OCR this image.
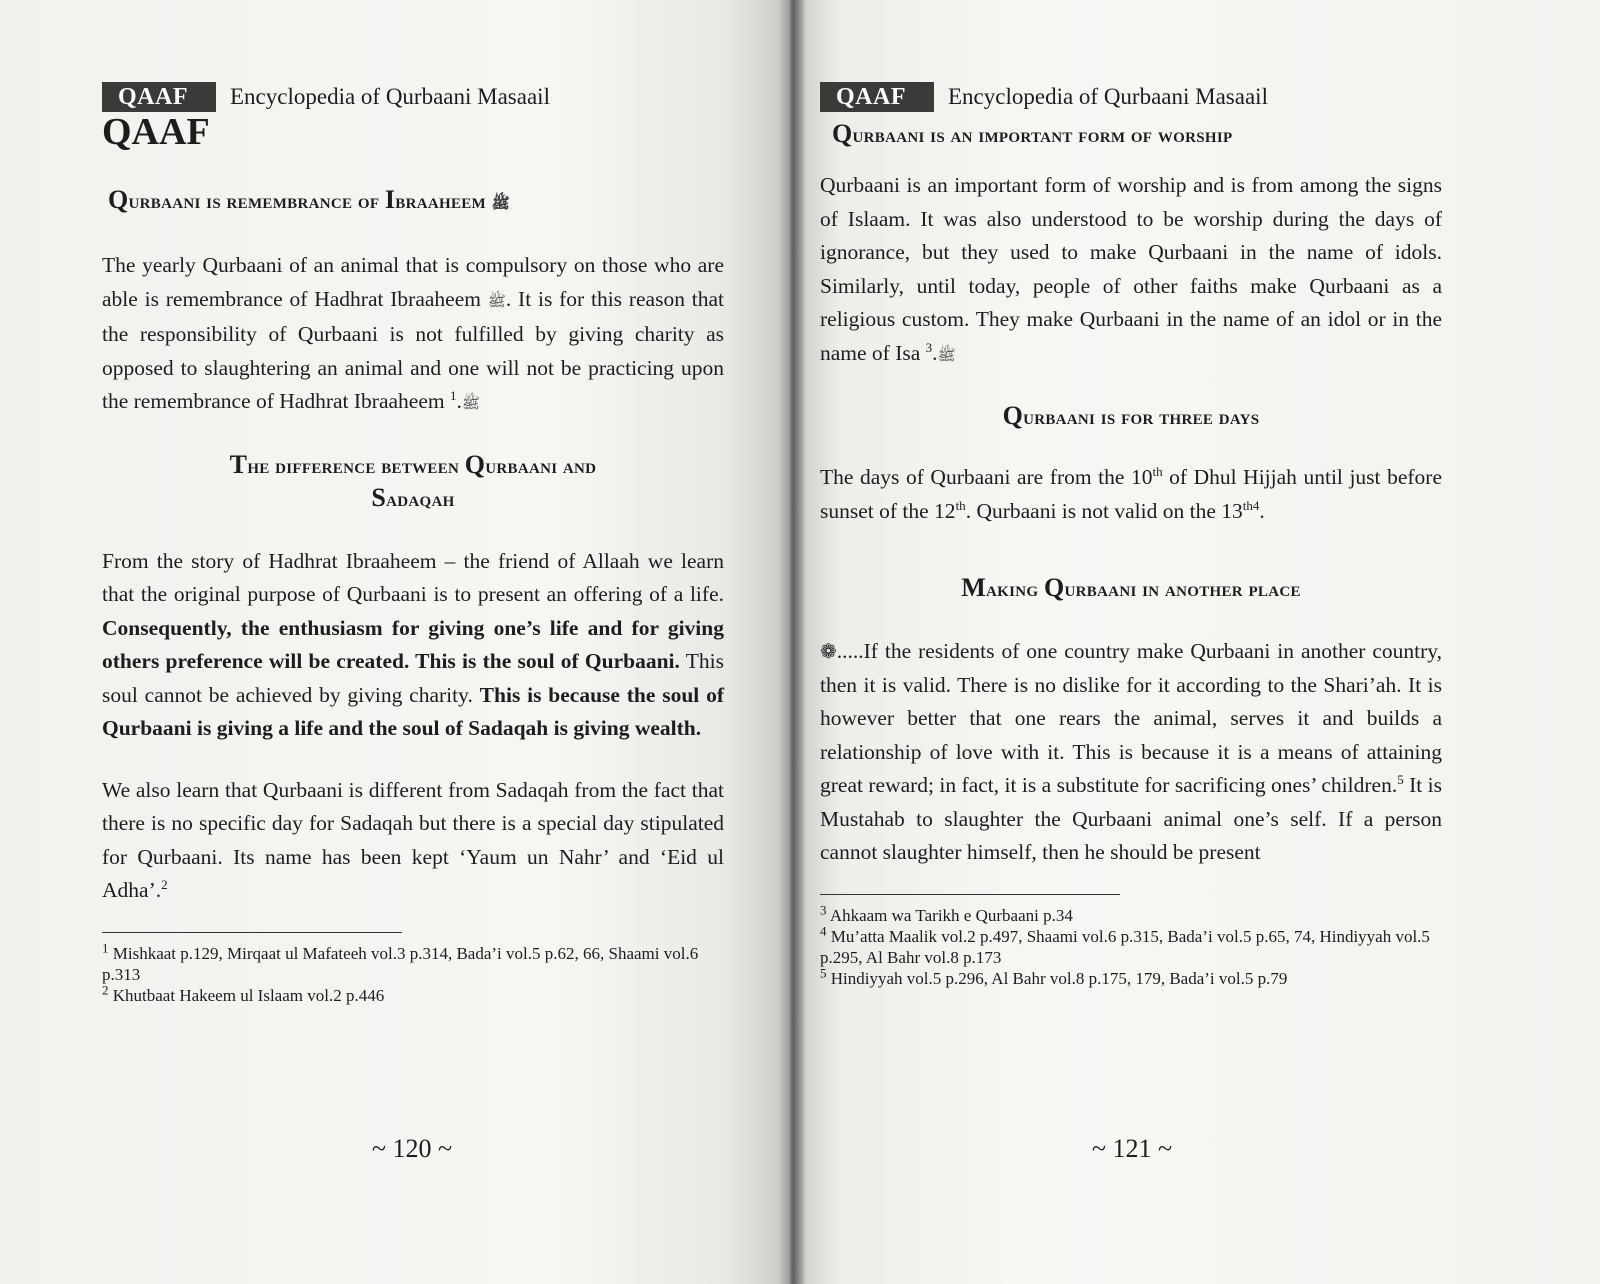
QAAF	Encyclopedia of Qurbaani Masaail
QAAF
Qurbaani is remembrance of Ibraaheem ﷺ

The yearly Qurbaani of an animal that is compulsory on those who are able is remembrance of Hadhrat Ibraaheem ﷺ. It is for this reason that the responsibility of Qurbaani is not fulfilled by giving charity as opposed to slaughtering an animal and one will not be practicing upon the remembrance of Hadhrat Ibraaheem ﷺ.$^1$

The difference between Qurbaani and
Sadaqah

From the story of Hadhrat Ibraaheem – the friend of Allaah we learn that the original purpose of Qurbaani is to present an offering of a life. Consequently, the enthusiasm for giving one’s life and for giving others preference will be created. This is the soul of Qurbaani. This soul cannot be achieved by giving charity. This is because the soul of Qurbaani is giving a life and the soul of Sadaqah is giving wealth.

We also learn that Qurbaani is different from Sadaqah from the fact that there is no specific day for Sadaqah but there is a special day stipulated for Qurbaani. Its name has been kept ‘Yaum un Nahr’ and ‘Eid ul Adha’.$^2$

$^1$ Mishkaat p.129, Mirqaat ul Mafateeh vol.3 p.314, Bada’i vol.5 p.62, 66, Shaami vol.6 p.313

$^2$ Khutbaat Hakeem ul Islaam vol.2 p.446

~ 120 ~
QAAF	Encyclopedia of Qurbaani Masaail
Qurbaani is an important form of worship

Qurbaani is an important form of worship and is from among the signs of Islaam. It was also understood to be worship during the days of ignorance, but they used to make Qurbaani in the name of idols. Similarly, until today, people of other faiths make Qurbaani as a religious custom. They make Qurbaani in the name of an idol or in the name of Isa ﷺ.$^3$

Qurbaani is for three days

The days of Qurbaani are from the 10th of Dhul Hijjah until just before sunset of the 12th. Qurbaani is not valid on the $13^{th4}$.

Making Qurbaani in another place

❁.....If the residents of one country make Qurbaani in another country, then it is valid. There is no dislike for it according to the Shari’ah. It is however better that one rears the animal, serves it and builds a relationship of love with it. This is because it is a means of attaining great reward; in fact, it is a substitute for sacrificing ones’ children.$^5$ It is Mustahab to slaughter the Qurbaani animal one’s self. If a person cannot slaughter himself, then he should be present

$^3$ Ahkaam wa Tarikh e Qurbaani p.34

$^4$ Mu’atta Maalik vol.2 p.497, Shaami vol.6 p.315, Bada’i vol.5 p.65, 74, Hindiyyah vol.5 p.295, Al Bahr vol.8 p.173

$^5$ Hindiyyah vol.5 p.296, Al Bahr vol.8 p.175, 179, Bada’i vol.5 p.79

~ 121 ~
